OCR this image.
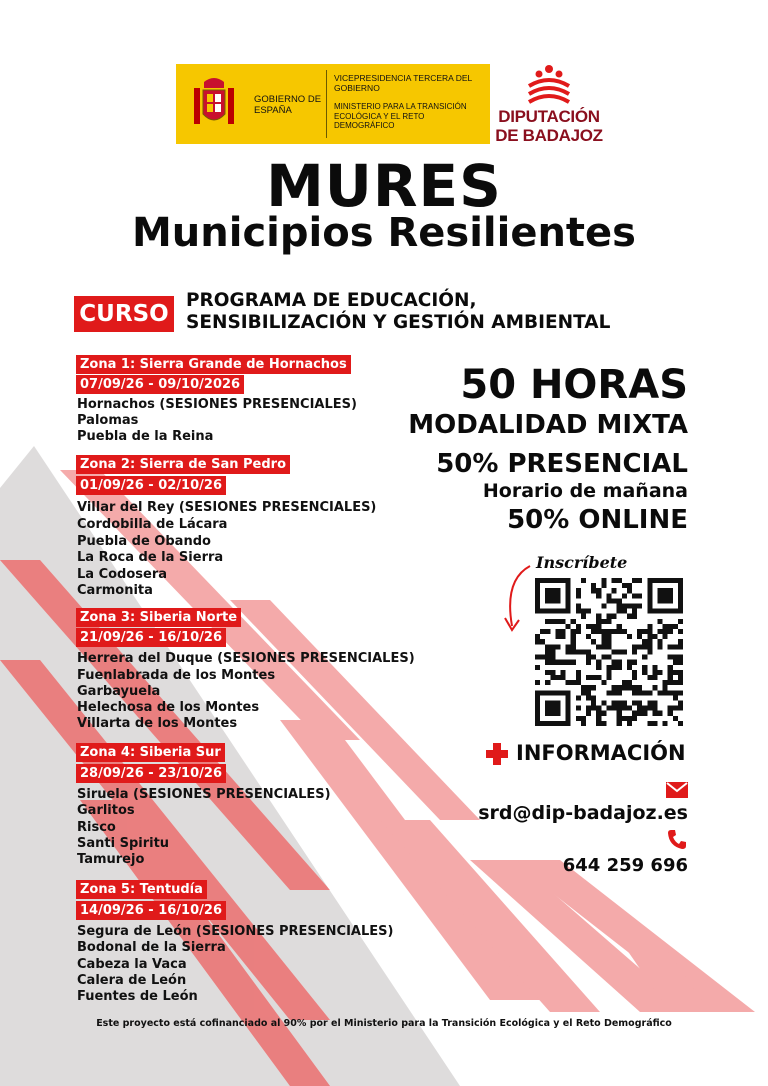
GOBIERNO DE ESPAÑA
VICEPRESIDENCIA TERCERA DEL GOBIERNO
MINISTERIO PARA LA TRANSICIÓN ECOLÓGICA Y EL RETO DEMOGRÁFICO	DIPUTACIÓN
DE BADAJOZ
MURES
Municipios Resilientes
CURSO
PROGRAMA DE EDUCACIÓN,
SENSIBILIZACIÓN Y GESTIÓN AMBIENTAL
Zona 1: Sierra Grande de Hornachos
07/09/26 - 09/10/2026
Hornachos (SESIONES PRESENCIALES)
Palomas
Puebla de la Reina
Zona 2: Sierra de San Pedro
01/09/26 - 02/10/26
Villar del Rey (SESIONES PRESENCIALES)
Cordobilla de Lácara
Puebla de Obando
La Roca de la Sierra
La Codosera
Carmonita
Zona 3: Siberia Norte
21/09/26 - 16/10/26
Herrera del Duque (SESIONES PRESENCIALES)
Fuenlabrada de los Montes
Garbayuela
Helechosa de los Montes
Villarta de los Montes
Zona 4: Siberia Sur
28/09/26 - 23/10/26
Siruela (SESIONES PRESENCIALES)
Garlitos
Risco
Santi Spiritu
Tamurejo
Zona 5: Tentudía
14/09/26 - 16/10/26
Segura de León (SESIONES PRESENCIALES)
Bodonal de la Sierra
Cabeza la Vaca
Calera de León
Fuentes de León
50 HORAS
MODALIDAD MIXTA
50% PRESENCIAL
Horario de mañana
50% ONLINE
Inscríbete
INFORMACIÓN
srd@dip-badajoz.es
644 259 696
Este proyecto está cofinanciado al 90% por el Ministerio para la Transición Ecológica y el Reto Demográfico
